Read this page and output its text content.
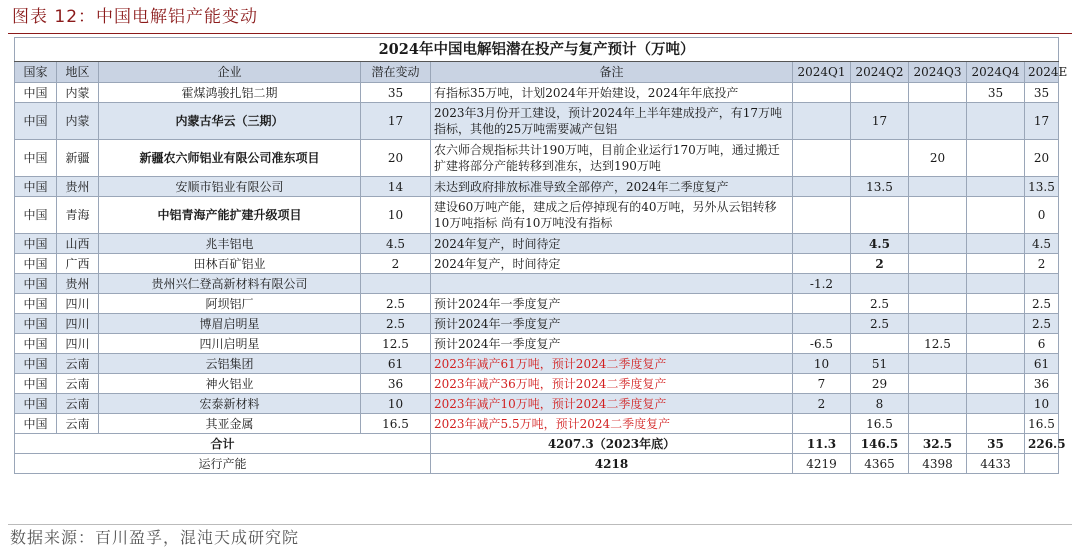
图表 12：中国电解铝产能变动
2024年中国电解铝潜在投产与复产预计（万吨）									
国家	地区	企业	潜在变动	备注	2024Q1	2024Q2	2024Q3	2024Q4	2024E
中国	内蒙	霍煤鸿骏扎铝二期	35	有指标35万吨，计划2024年开始建设，2024年年底投产				35	35
中国	内蒙	内蒙古华云（三期）	17	2023年3月份开工建设，预计2024年上半年建成投产，有17万吨指标，其他的25万吨需要减产包铝		17			17
中国	新疆	新疆农六师铝业有限公司准东项目	20	农六师合规指标共计190万吨，目前企业运行170万吨，通过搬迁扩建将部分产能转移到准东，达到190万吨			20		20
中国	贵州	安顺市铝业有限公司	14	未达到政府排放标准导致全部停产，2024年二季度复产		13.5			13.5
中国	青海	中铝青海产能扩建升级项目	10	建设60万吨产能，建成之后停掉现有的40万吨，另外从云铝转移10万吨指标 尚有10万吨没有指标					0
中国	山西	兆丰铝电	4.5	2024年复产，时间待定		4.5			4.5
中国	广西	田林百矿铝业	2	2024年复产，时间待定		2			2
中国	贵州	贵州兴仁登高新材料有限公司			-1.2				
中国	四川	阿坝铝厂	2.5	预计2024年一季度复产		2.5			2.5
中国	四川	博眉启明星	2.5	预计2024年一季度复产		2.5			2.5
中国	四川	四川启明星	12.5	预计2024年一季度复产	-6.5		12.5		6
中国	云南	云铝集团	61	2023年减产61万吨，预计2024二季度复产	10	51			61
中国	云南	神火铝业	36	2023年减产36万吨，预计2024二季度复产	7	29			36
中国	云南	宏泰新材料	10	2023年减产10万吨，预计2024二季度复产	2	8			10
中国	云南	其亚金属	16.5	2023年减产5.5万吨，预计2024二季度复产		16.5			16.5
合计				4207.3（2023年底）	11.3	146.5	32.5	35	226.5
运行产能				4218	4219	4365	4398	4433	
数据来源：百川盈孚，混沌天成研究院
